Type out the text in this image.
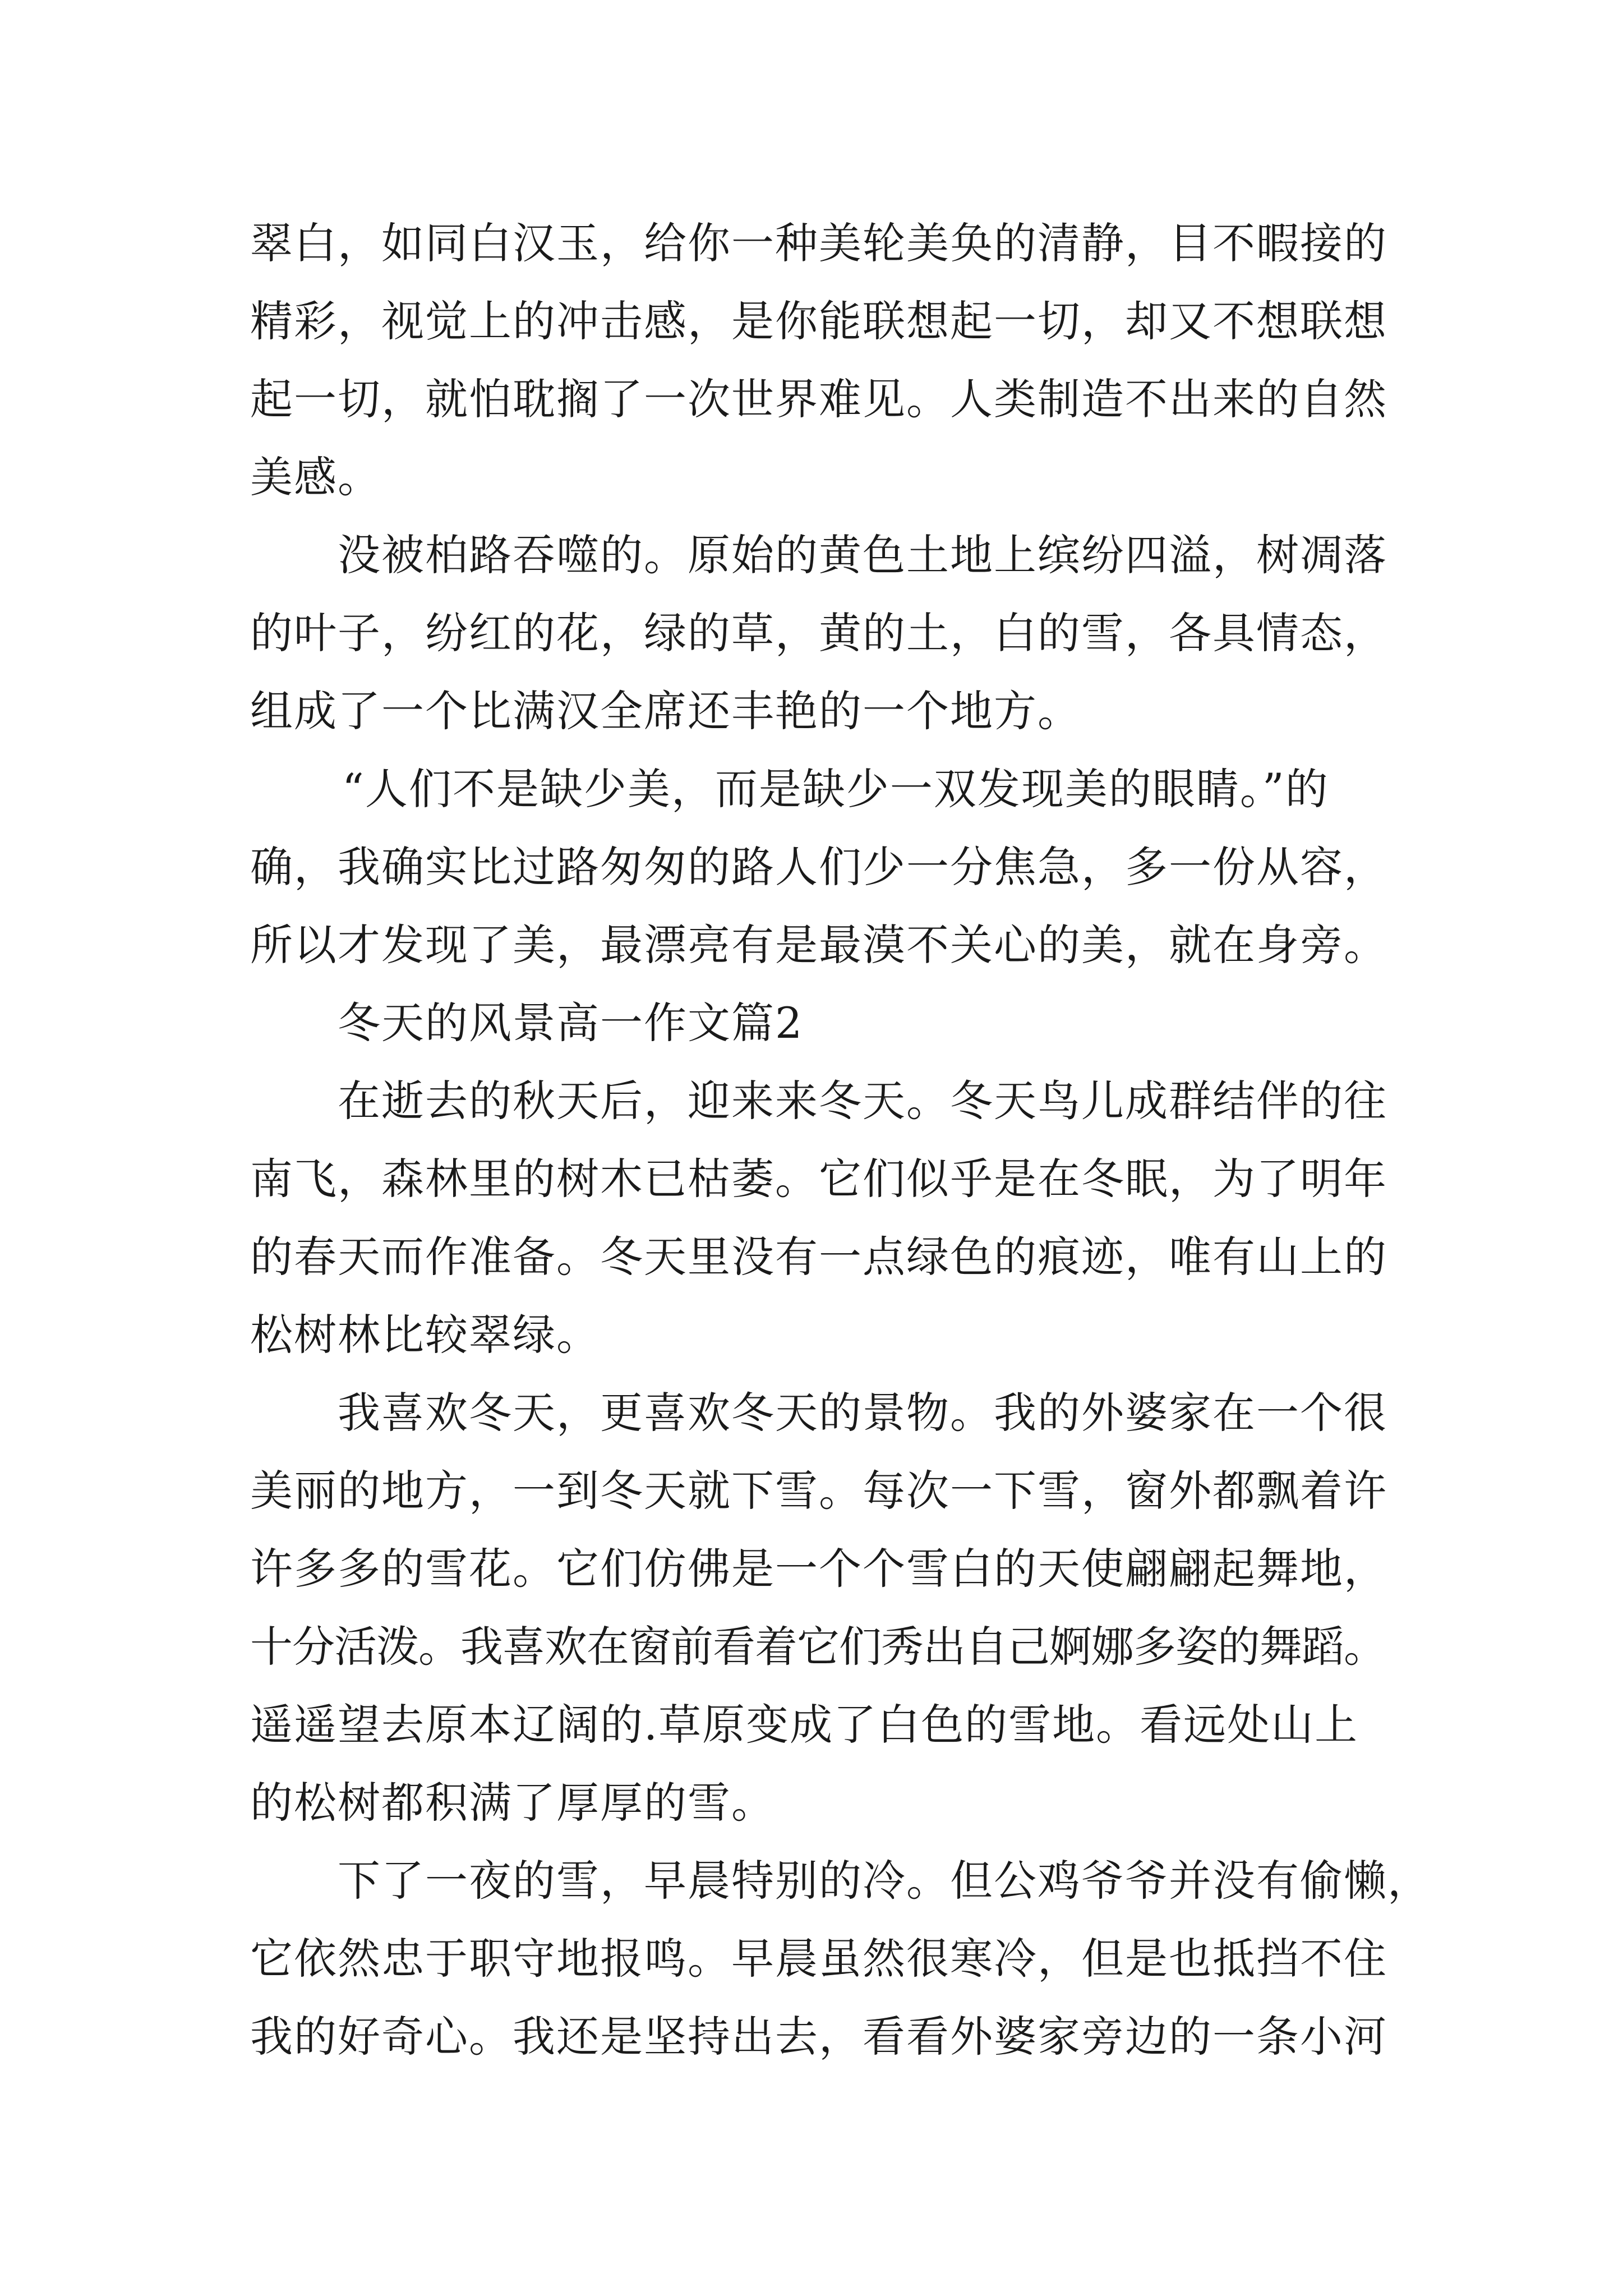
翠白，如同白汉玉，给你一种美轮美奂的清静，目不暇接的
精彩，视觉上的冲击感，是你能联想起一切，却又不想联想
起一切，就怕耽搁了一次世界难见。人类制造不出来的自然
美感。
没被柏路吞噬的。原始的黄色土地上缤纷四溢，树凋落
的叶子，纷红的花，绿的草，黄的土，白的雪，各具情态，
组成了一个比满汉全席还丰艳的一个地方。
“人们不是缺少美，而是缺少一双发现美的眼睛。”的
确，我确实比过路匆匆的路人们少一分焦急，多一份从容，
所以才发现了美，最漂亮有是最漠不关心的美，就在身旁。
冬天的风景高一作文篇2
在逝去的秋天后，迎来来冬天。冬天鸟儿成群结伴的往
南飞，森林里的树木已枯萎。它们似乎是在冬眠，为了明年
的春天而作准备。冬天里没有一点绿色的痕迹，唯有山上的
松树林比较翠绿。
我喜欢冬天，更喜欢冬天的景物。我的外婆家在一个很
美丽的地方，一到冬天就下雪。每次一下雪，窗外都飘着许
许多多的雪花。它们仿佛是一个个雪白的天使翩翩起舞地，
十分活泼。我喜欢在窗前看着它们秀出自己婀娜多姿的舞蹈。
遥遥望去原本辽阔的.草原变成了白色的雪地。看远处山上
的松树都积满了厚厚的雪。
下了一夜的雪，早晨特别的冷。但公鸡爷爷并没有偷懒，
它依然忠于职守地报鸣。早晨虽然很寒冷，但是也抵挡不住
我的好奇心。我还是坚持出去，看看外婆家旁边的一条小河
